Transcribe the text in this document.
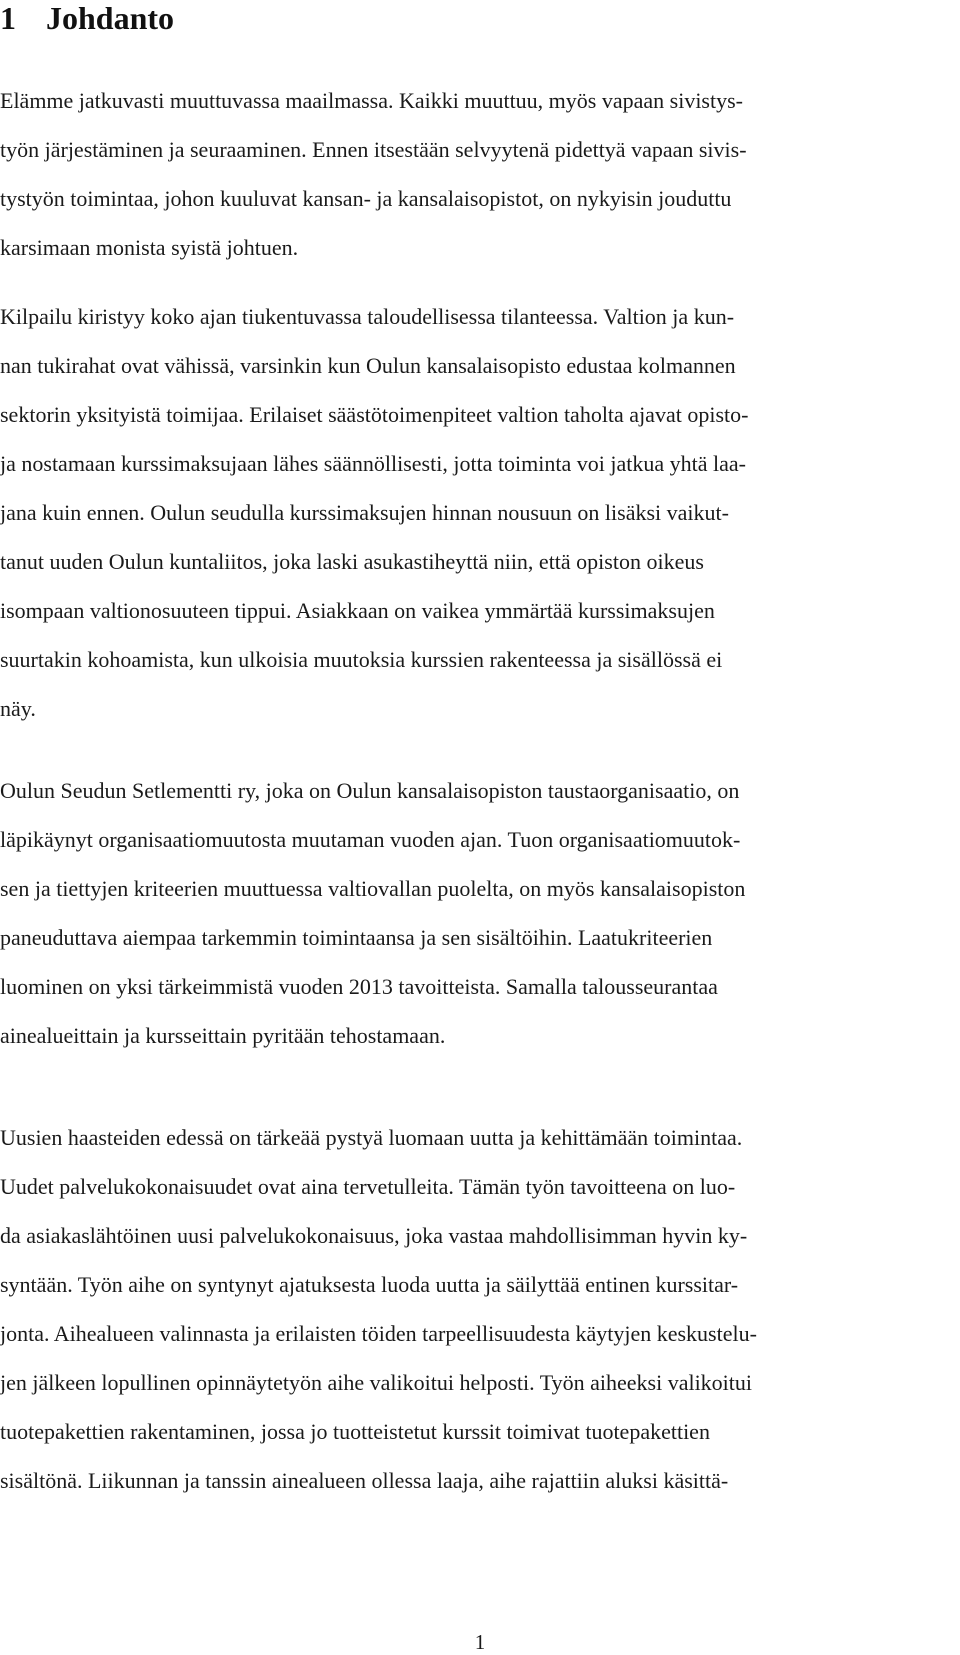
1 Johdanto
Elämme jatkuvasti muuttuvassa maailmassa. Kaikki muuttuu, myös vapaan sivistys-
työn järjestäminen ja seuraaminen. Ennen itsestään selvyytenä pidettyä vapaan sivis-
tystyön toimintaa, johon kuuluvat kansan- ja kansalaisopistot, on nykyisin jouduttu
karsimaan monista syistä johtuen.
Kilpailu kiristyy koko ajan tiukentuvassa taloudellisessa tilanteessa. Valtion ja kun-
nan tukirahat ovat vähissä, varsinkin kun Oulun kansalaisopisto edustaa kolmannen
sektorin yksityistä toimijaa. Erilaiset säästötoimenpiteet valtion taholta ajavat opisto-
ja nostamaan kurssimaksujaan lähes säännöllisesti, jotta toiminta voi jatkua yhtä laa-
jana kuin ennen. Oulun seudulla kurssimaksujen hinnan nousuun on lisäksi vaikut-
tanut uuden Oulun kuntaliitos, joka laski asukastiheyttä niin, että opiston oikeus
isompaan valtionosuuteen tippui. Asiakkaan on vaikea ymmärtää kurssimaksujen
suurtakin kohoamista, kun ulkoisia muutoksia kurssien rakenteessa ja sisällössä ei
näy.
Oulun Seudun Setlementti ry, joka on Oulun kansalaisopiston taustaorganisaatio, on
läpikäynyt organisaatiomuutosta muutaman vuoden ajan. Tuon organisaatiomuutok-
sen ja tiettyjen kriteerien muuttuessa valtiovallan puolelta, on myös kansalaisopiston
paneuduttava aiempaa tarkemmin toimintaansa ja sen sisältöihin. Laatukriteerien
luominen on yksi tärkeimmistä vuoden 2013 tavoitteista. Samalla talousseurantaa
ainealueittain ja kursseittain pyritään tehostamaan.
Uusien haasteiden edessä on tärkeää pystyä luomaan uutta ja kehittämään toimintaa.
Uudet palvelukokonaisuudet ovat aina tervetulleita. Tämän työn tavoitteena on luo-
da asiakaslähtöinen uusi palvelukokonaisuus, joka vastaa mahdollisimman hyvin ky-
syntään. Työn aihe on syntynyt ajatuksesta luoda uutta ja säilyttää entinen kurssitar-
jonta. Aihealueen valinnasta ja erilaisten töiden tarpeellisuudesta käytyjen keskustelu-
jen jälkeen lopullinen opinnäytetyön aihe valikoitui helposti. Työn aiheeksi valikoitui
tuotepakettien rakentaminen, jossa jo tuotteistetut kurssit toimivat tuotepakettien
sisältönä. Liikunnan ja tanssin ainealueen ollessa laaja, aihe rajattiin aluksi käsittä-
1
